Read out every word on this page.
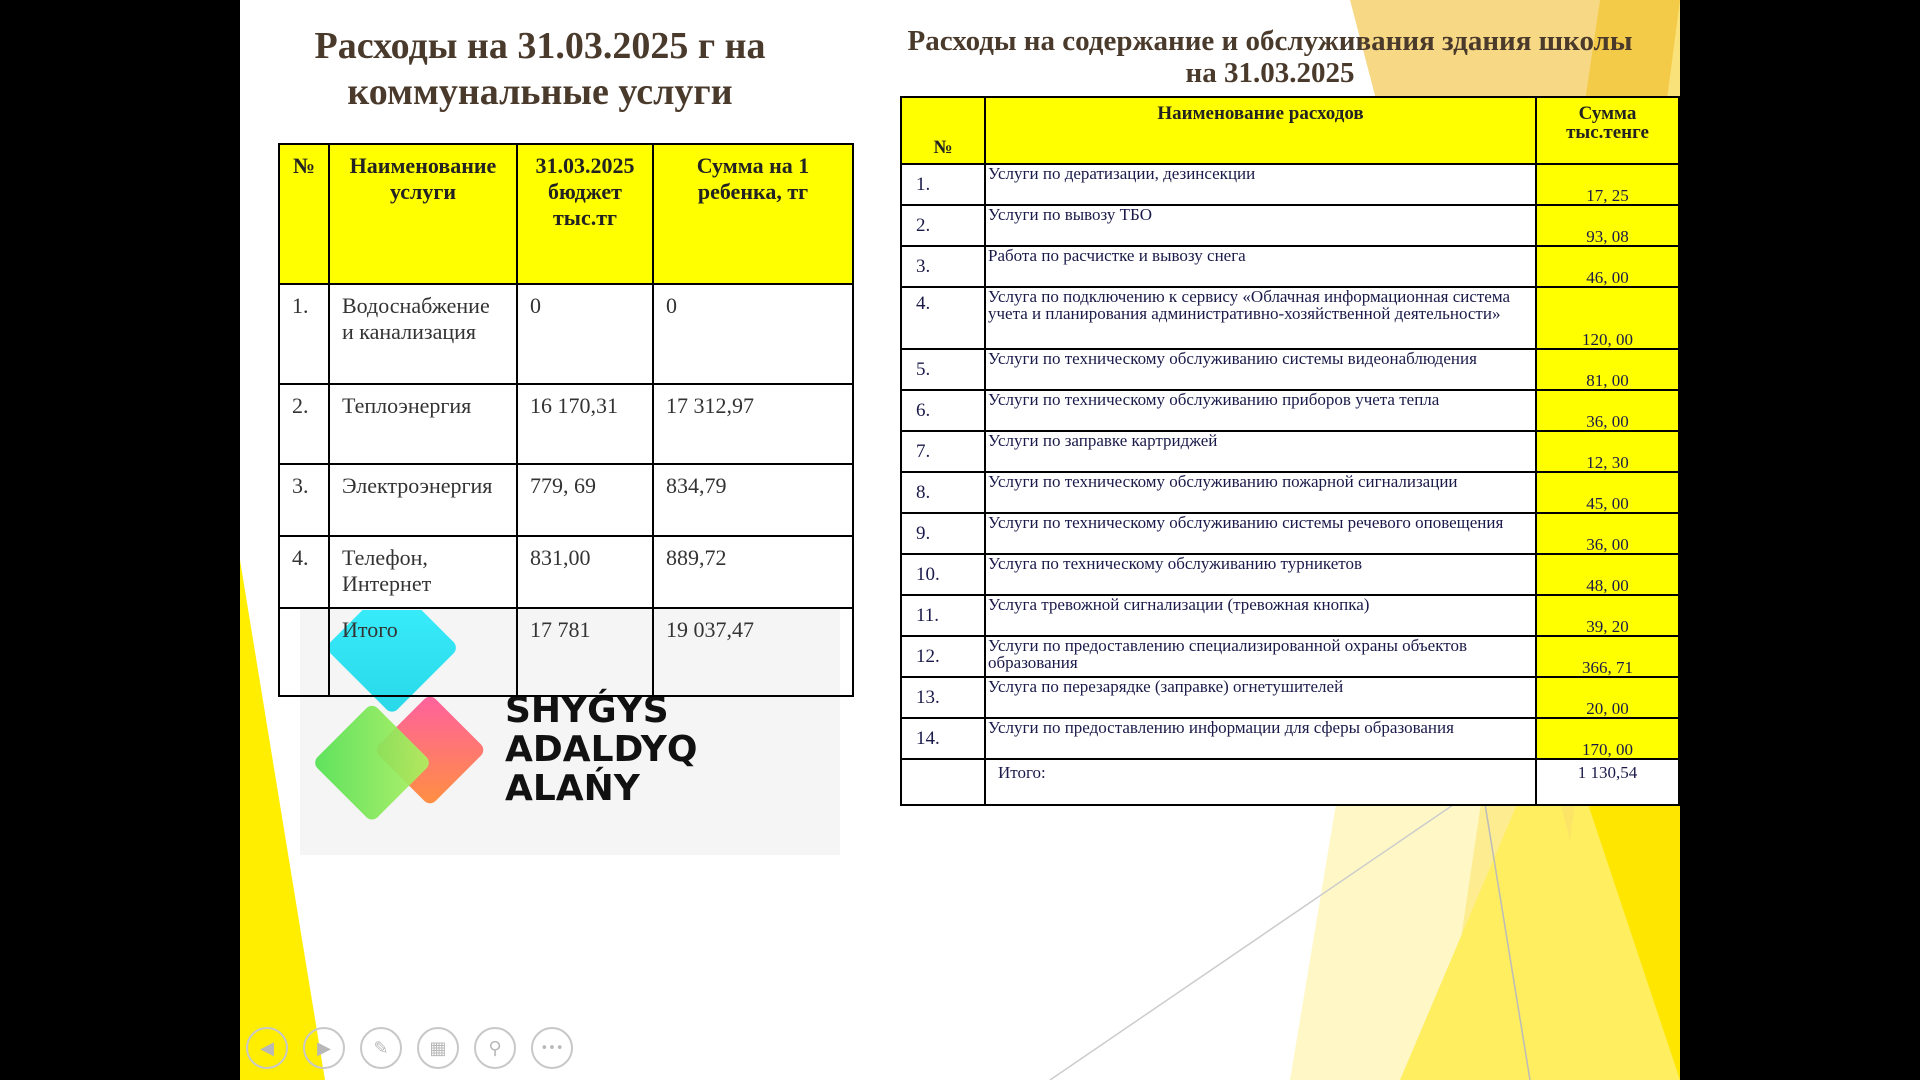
Расходы на 31.03.2025 г на коммунальные услуги
Расходы на содержание и обслуживания здания школы на 31.03.2025
SHYǴYS
ADALDYQ ALAŃY
№	Наименование услуги	31.03.2025 бюджет тыс.тг	Сумма на 1 ребенка, тг
1.	Водоснабжение и канализация	0	0
2.	Теплоэнергия	16 170,31	17 312,97
3.	Электроэнергия	779, 69	834,79
4.	Телефон, Интернет	831,00	889,72
	Итого	17 781	19 037,47
№	Наименование расходов	Сумма тыс.тенге
1.	Услуги по дератизации, дезинсекции	17, 25
2.	Услуги по вывозу ТБО	93, 08
3.	Работа по расчистке и вывозу снега	46, 00
4.	Услуга по подключению к сервису «Облачная информационная система учета и планирования административно-хозяйственной деятельности»	120, 00
5.	Услуги по техническому обслуживанию системы видеонаблюдения	81, 00
6.	Услуги по техническому обслуживанию приборов учета тепла	36, 00
7.	Услуги по заправке картриджей	12, 30
8.	Услуги по техническому обслуживанию пожарной сигнализации	45, 00
9.	Услуги по техническому обслуживанию системы речевого оповещения	36, 00
10.	Услуга по техническому обслуживанию турникетов	48, 00
11.	Услуга тревожной сигнализации (тревожная кнопка)	39, 20
12.	Услуги по предоставлению специализированной охраны объектов образования	366, 71
13.	Услуга по перезарядке (заправке) огнетушителей	20, 00
14.	Услуги по предоставлению информации для сферы образования	170, 00
	Итого:	1 130,54
◀	▶	✎	▦	⚲	•••
